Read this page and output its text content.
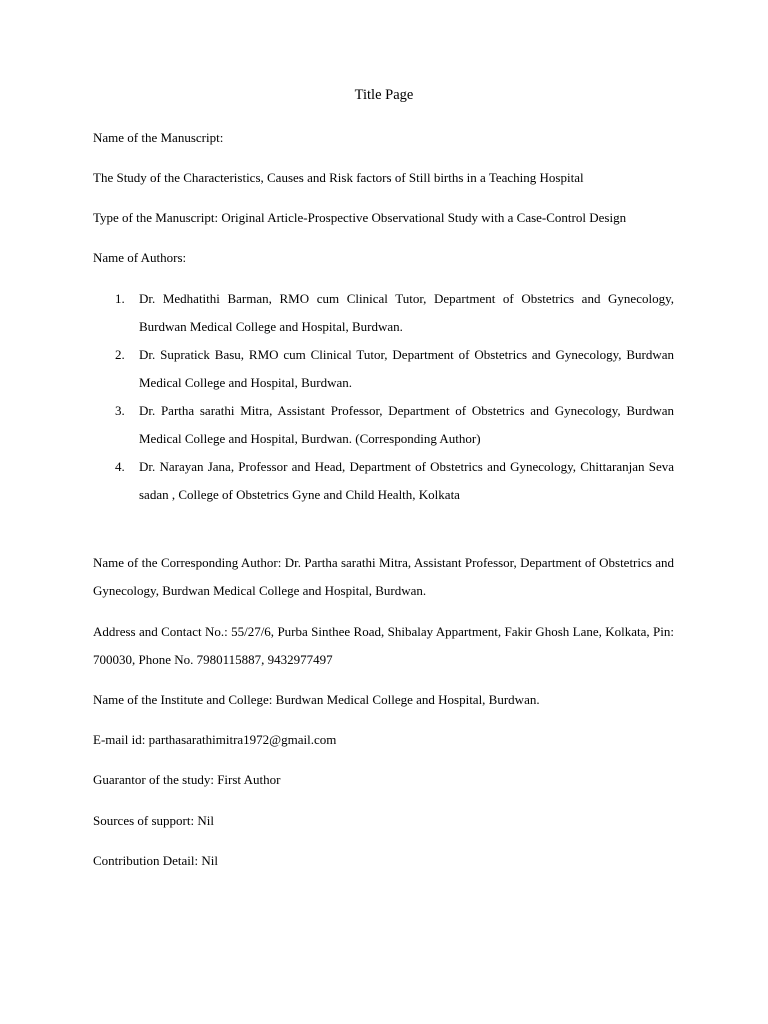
Title Page
Name of the Manuscript:
The Study of the Characteristics, Causes and Risk factors of Still births in a Teaching Hospital
Type of the Manuscript: Original Article-Prospective Observational Study with a Case-Control Design
Name of Authors:
1. Dr. Medhatithi Barman, RMO cum Clinical Tutor, Department of Obstetrics and Gynecology, Burdwan Medical College and Hospital, Burdwan.
2. Dr. Supratick Basu, RMO cum Clinical Tutor, Department of Obstetrics and Gynecology, Burdwan Medical College and Hospital, Burdwan.
3. Dr. Partha sarathi Mitra, Assistant Professor, Department of Obstetrics and Gynecology, Burdwan Medical College and Hospital, Burdwan. (Corresponding Author)
4. Dr. Narayan Jana, Professor and Head, Department of Obstetrics and Gynecology, Chittaranjan Seva sadan , College of Obstetrics Gyne and Child Health, Kolkata
Name of the Corresponding Author: Dr. Partha sarathi Mitra, Assistant Professor, Department of Obstetrics and Gynecology, Burdwan Medical College and Hospital, Burdwan.
Address and Contact No.: 55/27/6, Purba Sinthee Road, Shibalay Appartment, Fakir Ghosh Lane, Kolkata, Pin: 700030, Phone No. 7980115887, 9432977497
Name of the Institute and College: Burdwan Medical College and Hospital, Burdwan.
E-mail id: parthasarathimitra1972@gmail.com
Guarantor of the study: First Author
Sources of support: Nil
Contribution Detail: Nil
